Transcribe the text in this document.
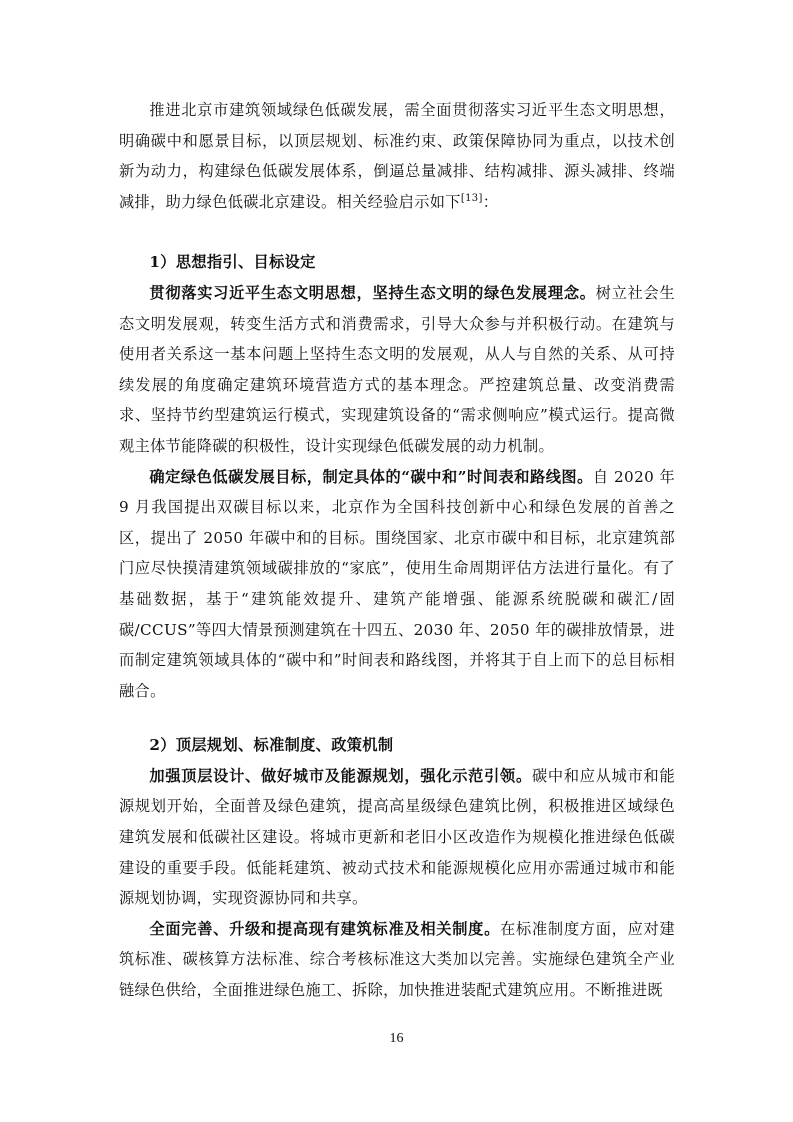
推进北京市建筑领域绿色低碳发展，需全面贯彻落实习近平生态文明思想，明确碳中和愿景目标，以顶层规划、标准约束、政策保障协同为重点，以技术创新为动力，构建绿色低碳发展体系，倒逼总量减排、结构减排、源头减排、终端减排，助力绿色低碳北京建设。相关经验启示如下[13]：

1）思想指引、目标设定

贯彻落实习近平生态文明思想，坚持生态文明的绿色发展理念。树立社会生态文明发展观，转变生活方式和消费需求，引导大众参与并积极行动。在建筑与使用者关系这一基本问题上坚持生态文明的发展观，从人与自然的关系、从可持续发展的角度确定建筑环境营造方式的基本理念。严控建筑总量、改变消费需求、坚持节约型建筑运行模式，实现建筑设备的“需求侧响应”模式运行。提高微观主体节能降碳的积极性，设计实现绿色低碳发展的动力机制。

确定绿色低碳发展目标，制定具体的“碳中和”时间表和路线图。自 2020 年 9 月我国提出双碳目标以来，北京作为全国科技创新中心和绿色发展的首善之区，提出了 2050 年碳中和的目标。围绕国家、北京市碳中和目标，北京建筑部门应尽快摸清建筑领域碳排放的“家底”，使用生命周期评估方法进行量化。有了基础数据，基于“建筑能效提升、建筑产能增强、能源系统脱碳和碳汇/固碳/CCUS”等四大情景预测建筑在十四五、2030 年、2050 年的碳排放情景，进而制定建筑领域具体的“碳中和”时间表和路线图，并将其于自上而下的总目标相融合。

2）顶层规划、标准制度、政策机制

加强顶层设计、做好城市及能源规划，强化示范引领。碳中和应从城市和能源规划开始，全面普及绿色建筑，提高高星级绿色建筑比例，积极推进区域绿色建筑发展和低碳社区建设。将城市更新和老旧小区改造作为规模化推进绿色低碳建设的重要手段。低能耗建筑、被动式技术和能源规模化应用亦需通过城市和能源规划协调，实现资源协同和共享。

全面完善、升级和提高现有建筑标准及相关制度。在标准制度方面，应对建筑标准、碳核算方法标准、综合考核标准这大类加以完善。实施绿色建筑全产业链绿色供给，全面推进绿色施工、拆除，加快推进装配式建筑应用。不断推进既

16
